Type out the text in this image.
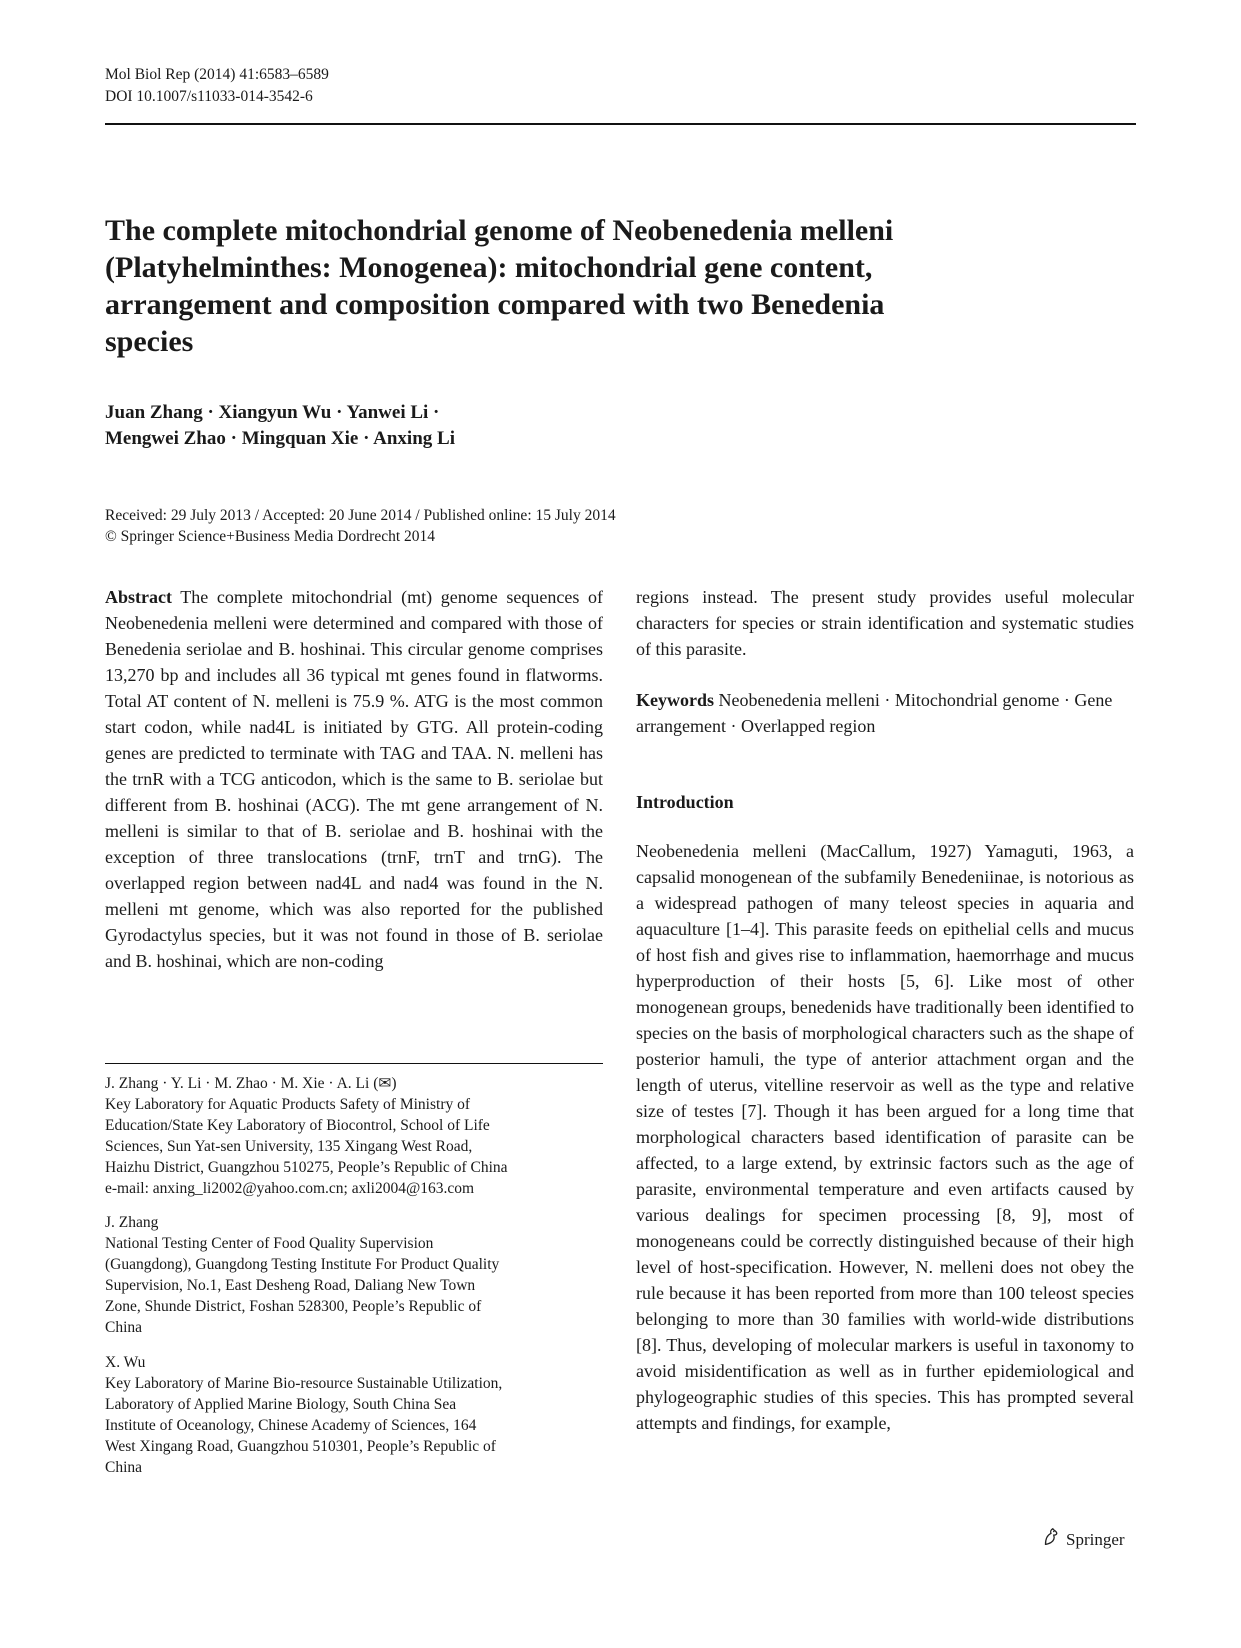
Mol Biol Rep (2014) 41:6583–6589
DOI 10.1007/s11033-014-3542-6
The complete mitochondrial genome of Neobenedenia melleni
(Platyhelminthes: Monogenea): mitochondrial gene content,
arrangement and composition compared with two Benedenia
species
Juan Zhang · Xiangyun Wu · Yanwei Li ·
Mengwei Zhao · Mingquan Xie · Anxing Li
Received: 29 July 2013 / Accepted: 20 June 2014 / Published online: 15 July 2014
© Springer Science+Business Media Dordrecht 2014

Abstract The complete mitochondrial (mt) genome sequences of Neobenedenia melleni were determined and compared with those of Benedenia seriolae and B. hoshinai. This circular genome comprises 13,270 bp and includes all 36 typical mt genes found in flatworms. Total AT content of N. melleni is 75.9 %. ATG is the most common start codon, while nad4L is initiated by GTG. All protein-coding genes are predicted to terminate with TAG and TAA. N. melleni has the trnR with a TCG anticodon, which is the same to B. seriolae but different from B. hoshinai (ACG). The mt gene arrangement of N. melleni is similar to that of B. seriolae and B. hoshinai with the exception of three translocations (trnF, trnT and trnG). The overlapped region between nad4L and nad4 was found in the N. melleni mt genome, which was also reported for the published Gyrodactylus species, but it was not found in those of B. seriolae and B. hoshinai, which are non-coding

regions instead. The present study provides useful molecular characters for species or strain identification and systematic studies of this parasite.

Keywords Neobenedenia melleni · Mitochondrial genome · Gene arrangement · Overlapped region
Introduction

Neobenedenia melleni (MacCallum, 1927) Yamaguti, 1963, a capsalid monogenean of the subfamily Benedeniinae, is notorious as a widespread pathogen of many teleost species in aquaria and aquaculture [1–4]. This parasite feeds on epithelial cells and mucus of host fish and gives rise to inflammation, haemorrhage and mucus hyperproduction of their hosts [5, 6]. Like most of other monogenean groups, benedenids have traditionally been identified to species on the basis of morphological characters such as the shape of posterior hamuli, the type of anterior attachment organ and the length of uterus, vitelline reservoir as well as the type and relative size of testes [7]. Though it has been argued for a long time that morphological characters based identification of parasite can be affected, to a large extend, by extrinsic factors such as the age of parasite, environmental temperature and even artifacts caused by various dealings for specimen processing [8, 9], most of monogeneans could be correctly distinguished because of their high level of host-specification. However, N. melleni does not obey the rule because it has been reported from more than 100 teleost species belonging to more than 30 families with world-wide distributions [8]. Thus, developing of molecular markers is useful in taxonomy to avoid misidentification as well as in further epidemiological and phylogeographic studies of this species. This has prompted several attempts and findings, for example,

J. Zhang · Y. Li · M. Zhao · M. Xie · A. Li (✉)
Key Laboratory for Aquatic Products Safety of Ministry of
Education/State Key Laboratory of Biocontrol, School of Life
Sciences, Sun Yat-sen University, 135 Xingang West Road,
Haizhu District, Guangzhou 510275, People’s Republic of China
e-mail: anxing_li2002@yahoo.com.cn; axli2004@163.com
J. Zhang
National Testing Center of Food Quality Supervision
(Guangdong), Guangdong Testing Institute For Product Quality
Supervision, No.1, East Desheng Road, Daliang New Town
Zone, Shunde District, Foshan 528300, People’s Republic of
China
X. Wu
Key Laboratory of Marine Bio-resource Sustainable Utilization,
Laboratory of Applied Marine Biology, South China Sea
Institute of Oceanology, Chinese Academy of Sciences, 164
West Xingang Road, Guangzhou 510301, People’s Republic of
China
Springer
